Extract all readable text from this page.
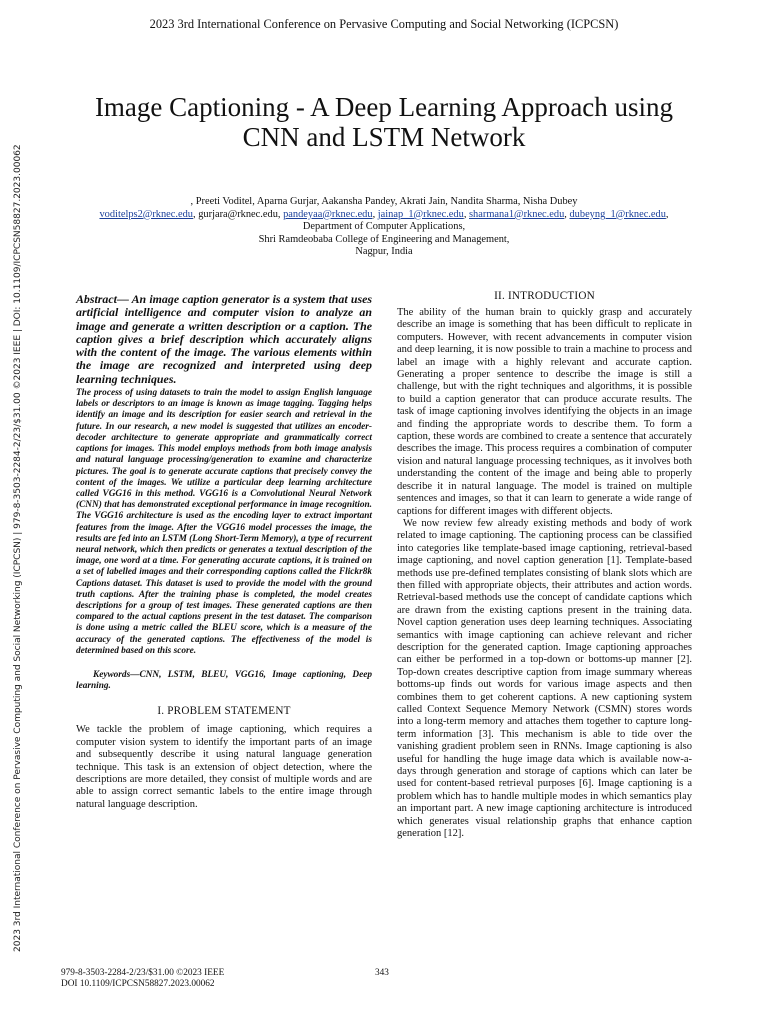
2023 3rd International Conference on Pervasive Computing and Social Networking (ICPCSN)
Image Captioning - A Deep Learning Approach using
CNN and LSTM Network
, Preeti Voditel, Aparna Gurjar, Aakansha Pandey, Akrati Jain, Nandita Sharma, Nisha Dubey
voditelps2@rknec.edu, gurjara@rknec.edu, pandeyaa@rknec.edu, jainap_1@rknec.edu, sharmana1@rknec.edu, dubeyng_1@rknec.edu,
Department of Computer Applications,
Shri Ramdeobaba College of Engineering and Management,
Nagpur, India
2023 3rd International Conference on Pervasive Computing and Social Networking (ICPCSN) | 979-8-3503-2284-2/23/$31.00 ©2023 IEEE | DOI: 10.1109/ICPCSN58827.2023.00062	Abstract— An image caption generator is a system that uses artificial intelligence and computer vision to analyze an image and generate a written description or a caption. The caption gives a brief description which accurately aligns with the content of the image. The various elements within the image are recognized and interpreted using deep learning techniques.
The process of using datasets to train the model to assign English language labels or descriptors to an image is known as image tagging. Tagging helps identify an image and its description for easier search and retrieval in the future. In our research, a new model is suggested that utilizes an encoder-decoder architecture to generate appropriate and grammatically correct captions for images. This model employs methods from both image analysis and natural language processing/generation to examine and characterize pictures. The goal is to generate accurate captions that precisely convey the content of the images. We utilize a particular deep learning architecture called VGG16 in this method. VGG16 is a Convolutional Neural Network (CNN) that has demonstrated exceptional performance in image recognition. The VGG16 architecture is used as the encoding layer to extract important features from the image. After the VGG16 model processes the image, the results are fed into an LSTM (Long Short-Term Memory), a type of recurrent neural network, which then predicts or generates a textual description of the image, one word at a time. For generating accurate captions, it is trained on a set of labelled images and their corresponding captions called the Flickr8k Captions dataset. This dataset is used to provide the model with the ground truth captions. After the training phase is completed, the model creates descriptions for a group of test images. These generated captions are then compared to the actual captions present in the test dataset. The comparison is done using a metric called the BLEU score, which is a measure of the accuracy of the generated captions. The effectiveness of the model is determined based on this score.
Keywords—CNN, LSTM, BLEU, VGG16, Image captioning, Deep learning.
I. PROBLEM STATEMENT
We tackle the problem of image captioning, which requires a computer vision system to identify the important parts of an image and subsequently describe it using natural language generation technique. This task is an extension of object detection, where the descriptions are more detailed, they consist of multiple words and are able to assign correct semantic labels to the entire image through natural language description.
II. INTRODUCTION
The ability of the human brain to quickly grasp and accurately describe an image is something that has been difficult to replicate in computers. However, with recent advancements in computer vision and deep learning, it is now possible to train a machine to process and label an image with a highly relevant and accurate caption. Generating a proper sentence to describe the image is still a challenge, but with the right techniques and algorithms, it is possible to build a caption generator that can produce accurate results. The task of image captioning involves identifying the objects in an image and finding the appropriate words to describe them. To form a caption, these words are combined to create a sentence that accurately describes the image. This process requires a combination of computer vision and natural language processing techniques, as it involves both understanding the content of the image and being able to properly describe it in natural language. The model is trained on multiple sentences and images, so that it can learn to generate a wide range of captions for different images with different objects.
We now review few already existing methods and body of work related to image captioning. The captioning process can be classified into categories like template-based image captioning, retrieval-based image captioning, and novel caption generation [1]. Template-based methods use pre-defined templates consisting of blank slots which are then filled with appropriate objects, their attributes and action words. Retrieval-based methods use the concept of candidate captions which are drawn from the existing captions present in the training data. Novel caption generation uses deep learning techniques. Associating semantics with image captioning can achieve relevant and richer description for the generated caption. Image captioning approaches can either be performed in a top-down or bottoms-up manner [2]. Top-down creates descriptive caption from image summary whereas bottoms-up finds out words for various image aspects and then combines them to get coherent captions. A new captioning system called Context Sequence Memory Network (CSMN) stores words into a long-term memory and attaches them together to capture long-term information [3]. This mechanism is able to tide over the vanishing gradient problem seen in RNNs. Image captioning is also useful for handling the huge image data which is available now-a-days through generation and storage of captions which can later be used for content-based retrieval purposes [6]. Image captioning is a problem which has to handle multiple modes in which semantics play an important part. A new image captioning architecture is introduced which generates visual relationship graphs that enhance caption generation [12].
979-8-3503-2284-2/23/$31.00 ©2023 IEEE
DOI 10.1109/ICPCSN58827.2023.00062
343
